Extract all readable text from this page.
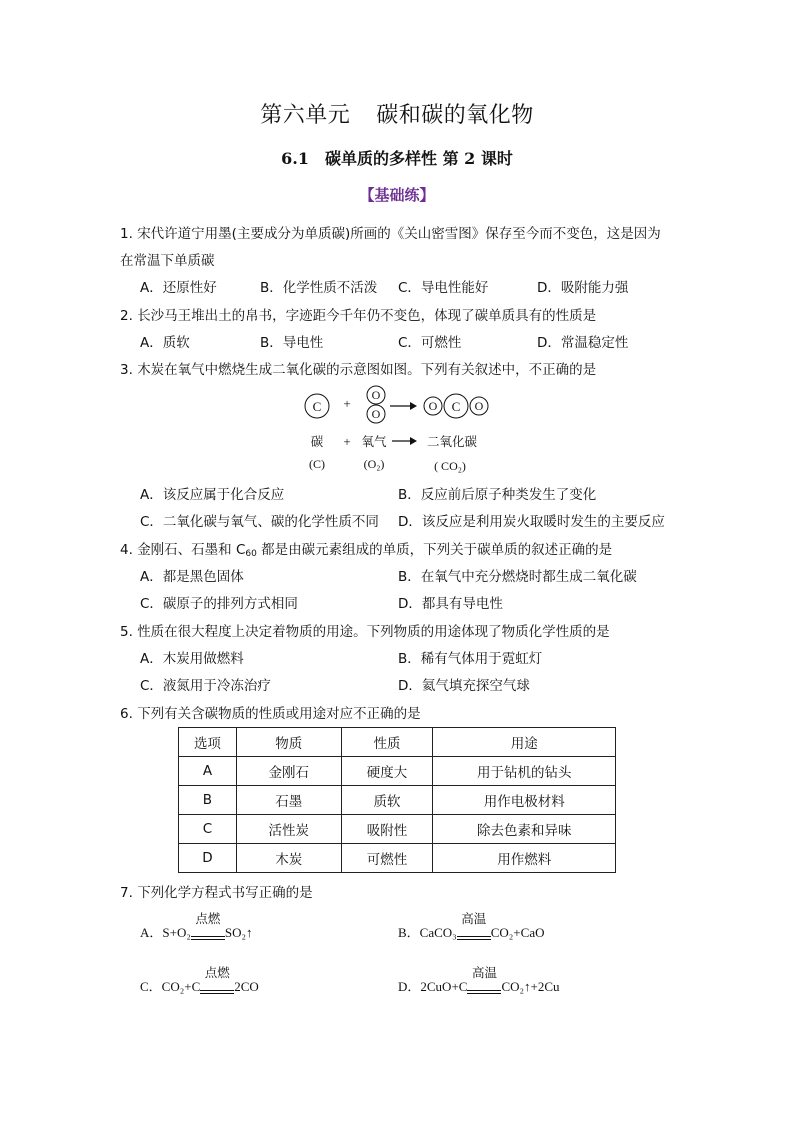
第六单元 碳和碳的氧化物
6.1　碳单质的多样性 第 2 课时
【基础练】
1. 宋代许道宁用墨(主要成分为单质碳)所画的《关山密雪图》保存至今而不变色，这是因为
在常温下单质碳
A．还原性好	B．化学性质不活泼 C．导电性能好	D．吸附能力强
2. 长沙马王堆出土的帛书，字迹距今千年仍不变色，体现了碳单质具有的性质是
A．质软	B．导电性	C．可燃性	D．常温稳定性
3. 木炭在氧气中燃烧生成二氧化碳的示意图如图。下列有关叙述中，不正确的是
C +
O
O
O C O
碳 + 氧气	二氧化碳
(C)	(O₂)	( CO₂)
A．该反应属于化合反应	B．反应前后原子种类发生了变化
C．二氧化碳与氧气、碳的化学性质不同 D．该反应是利用炭火取暖时发生的主要反应
4. 金刚石、石墨和 $C_{60}$ 都是由碳元素组成的单质，下列关于碳单质的叙述正确的是
A．都是黑色固体	B．在氧气中充分燃烧时都生成二氧化碳
C．碳原子的排列方式相同	D．都具有导电性
5. 性质在很大程度上决定着物质的用途。下列物质的用途体现了物质化学性质的是
A．木炭用做燃料	B．稀有气体用于霓虹灯
C．液氮用于冷冻治疗	D．氦气填充探空气球
6. 下列有关含碳物质的性质或用途对应不正确的是
选项	物质	性质	用途
A	金刚石	硬度大	用于钻机的钻头
B	石墨	质软	用作电极材料
C	活性炭	吸附性	除去色素和异味
D	木炭	可燃性	用作燃料
7. 下列化学方程式书写正确的是
A．S+O₂
点燃
SO₂↑	B．CaCO₃
高温
CO₂+CaO
C．CO₂+C
点燃
2CO	D．2CuO+C
高温
CO₂↑+2Cu
